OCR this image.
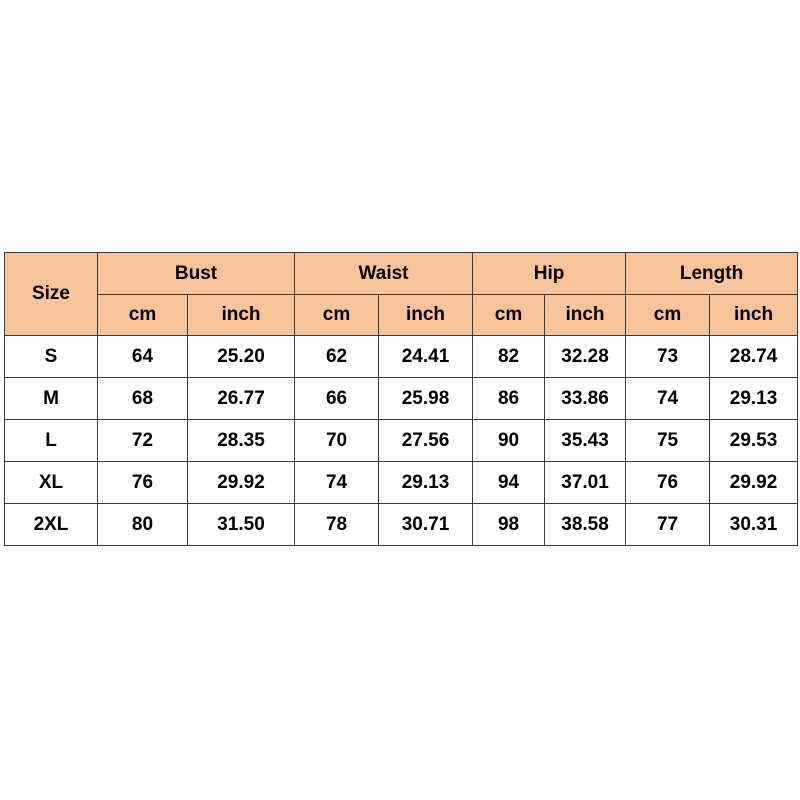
Size	Bust		Waist		Hip		Length	
	cm	inch	cm	inch	cm	inch	cm	inch
S	64	25.20	62	24.41	82	32.28	73	28.74
M	68	26.77	66	25.98	86	33.86	74	29.13
L	72	28.35	70	27.56	90	35.43	75	29.53
XL	76	29.92	74	29.13	94	37.01	76	29.92
2XL	80	31.50	78	30.71	98	38.58	77	30.31
